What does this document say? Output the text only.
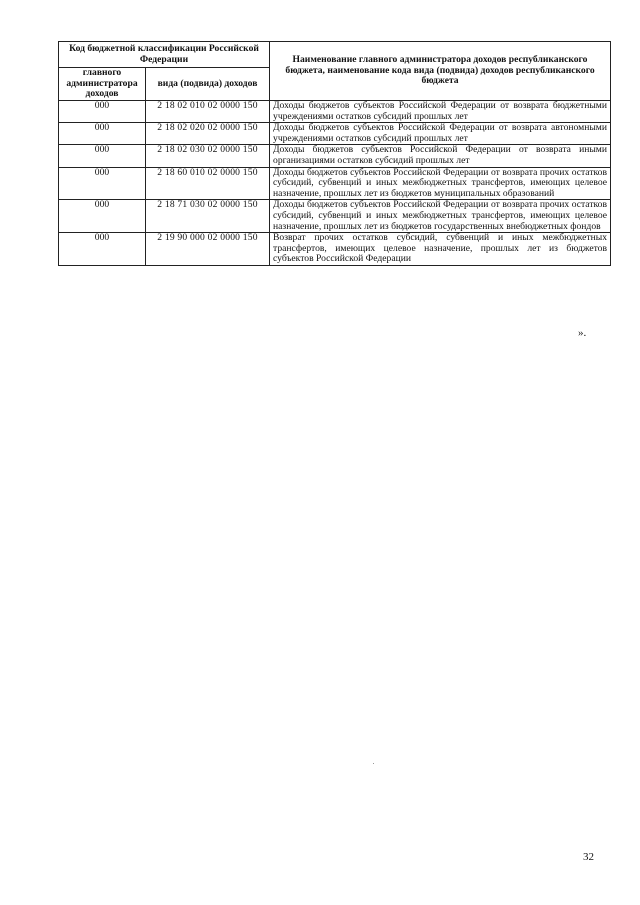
Код бюджетной классификации Российской Федерации		Наименование главного администратора доходов республиканского бюджета, наименование кода вида (подвида) доходов республиканского бюджета
главного администратора доходов	вида (подвида) доходов	
000	2 18 02 010 02 0000 150	Доходы бюджетов субъектов Российской Федерации от возврата бюджетными учреждениями остатков субсидий прошлых лет
000	2 18 02 020 02 0000 150	Доходы бюджетов субъектов Российской Федерации от возврата автономными учреждениями остатков субсидий прошлых лет
000	2 18 02 030 02 0000 150	Доходы бюджетов субъектов Российской Федерации от возврата иными организациями остатков субсидий прошлых лет
000	2 18 60 010 02 0000 150	Доходы бюджетов субъектов Российской Федерации от возврата прочих остатков субсидий, субвенций и иных межбюджетных трансфертов, имеющих целевое назначение, прошлых лет из бюджетов муниципальных образований
000	2 18 71 030 02 0000 150	Доходы бюджетов субъектов Российской Федерации от возврата прочих остатков субсидий, субвенций и иных межбюджетных трансфертов, имеющих целевое назначение, прошлых лет из бюджетов государственных внебюджетных фондов
000	2 19 90 000 02 0000 150	Возврат прочих остатков субсидий, субвенций и иных межбюджетных трансфертов, имеющих целевое назначение, прошлых лет из бюджетов субъектов Российской Федерации
».
32
